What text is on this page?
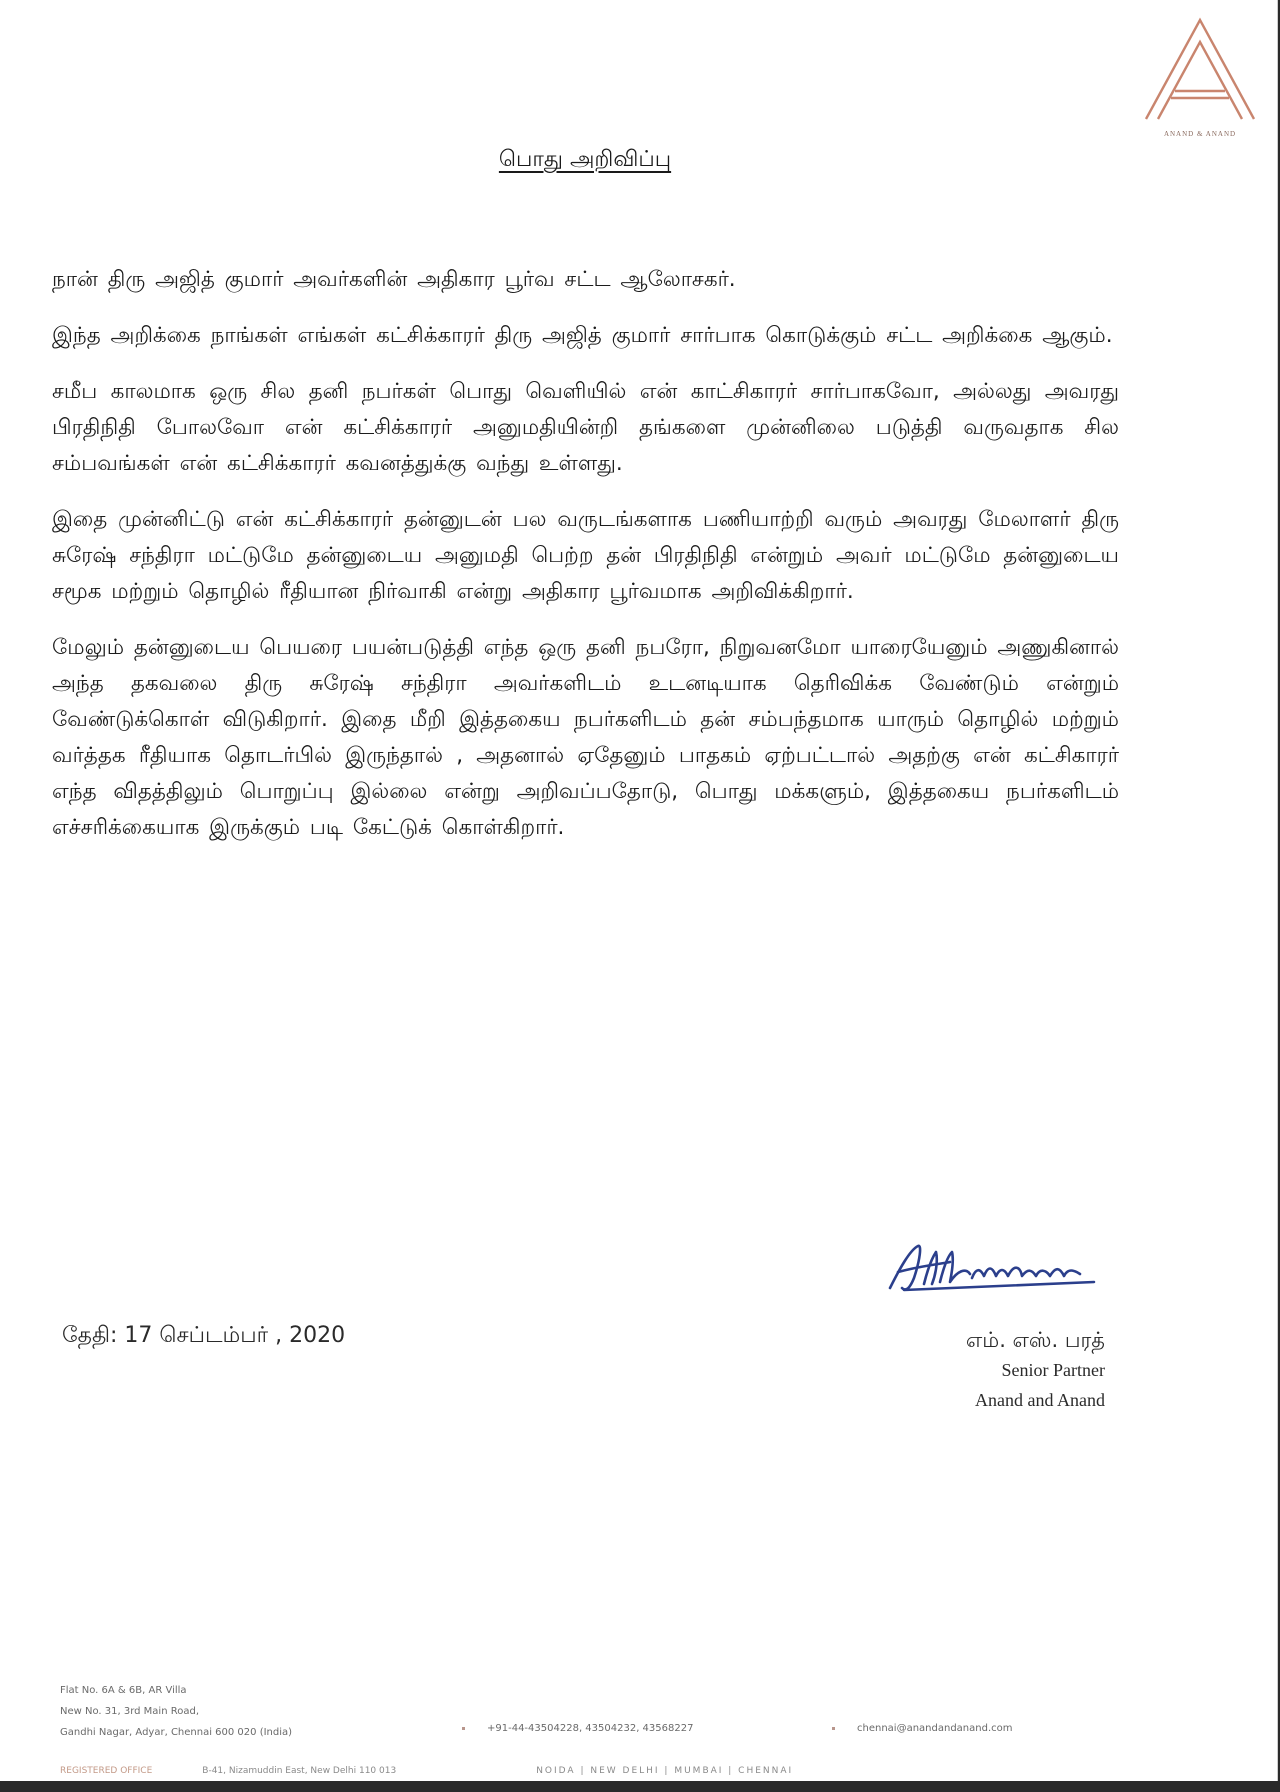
ANAND & ANAND
பொது அறிவிப்பு

நான் திரு அஜித் குமார் அவர்களின் அதிகார பூர்வ சட்ட ஆலோசகர்.

இந்த அறிக்கை நாங்கள் எங்கள் கட்சிக்காரர் திரு அஜித் குமார் சார்பாக கொடுக்கும் சட்ட அறிக்கை ஆகும்.

சமீப காலமாக ஒரு சில தனி நபர்கள் பொது வெளியில் என் காட்சிகாரர் சார்பாகவோ, அல்லது அவரது பிரதிநிதி போலவோ என் கட்சிக்காரர் அனுமதியின்றி தங்களை முன்னிலை படுத்தி வருவதாக சில சம்பவங்கள் என் கட்சிக்காரர் கவனத்துக்கு வந்து உள்ளது.

இதை முன்னிட்டு என் கட்சிக்காரர் தன்னுடன் பல வருடங்களாக பணியாற்றி வரும் அவரது மேலாளர் திரு சுரேஷ் சந்திரா மட்டுமே தன்னுடைய அனுமதி பெற்ற தன் பிரதிநிதி என்றும் அவர் மட்டுமே தன்னுடைய சமூக மற்றும் தொழில் ரீதியான நிர்வாகி என்று அதிகார பூர்வமாக அறிவிக்கிறார்.

மேலும் தன்னுடைய பெயரை பயன்படுத்தி எந்த ஒரு தனி நபரோ, நிறுவனமோ யாரையேனும் அணுகினால் அந்த தகவலை திரு சுரேஷ் சந்திரா அவர்களிடம் உடனடியாக தெரிவிக்க வேண்டும் என்றும் வேண்டுக்கொள் விடுகிறார். இதை மீறி இத்தகைய நபர்களிடம் தன் சம்பந்தமாக யாரும் தொழில் மற்றும் வர்த்தக ரீதியாக தொடர்பில் இருந்தால் , அதனால் ஏதேனும் பாதகம் ஏற்பட்டால் அதற்கு என் கட்சிகாரர் எந்த விதத்திலும் பொறுப்பு இல்லை என்று அறிவப்பதோடு, பொது மக்களும், இத்தகைய நபர்களிடம் எச்சரிக்கையாக இருக்கும் படி கேட்டுக் கொள்கிறார்.

தேதி: 17 செப்டம்பர் , 2020	எம். எஸ். பரத்
Senior Partner
Anand and Anand
Flat No. 6A & 6B, AR Villa
New No. 31, 3rd Main Road,
Gandhi Nagar, Adyar, Chennai 600 020 (India)	+91-44-43504228, 43504232, 43568227	chennai@anandandanand.com
REGISTERED OFFICE	B-41, Nizamuddin East, New Delhi 110 013	NOIDA | NEW DELHI | MUMBAI | CHENNAI
